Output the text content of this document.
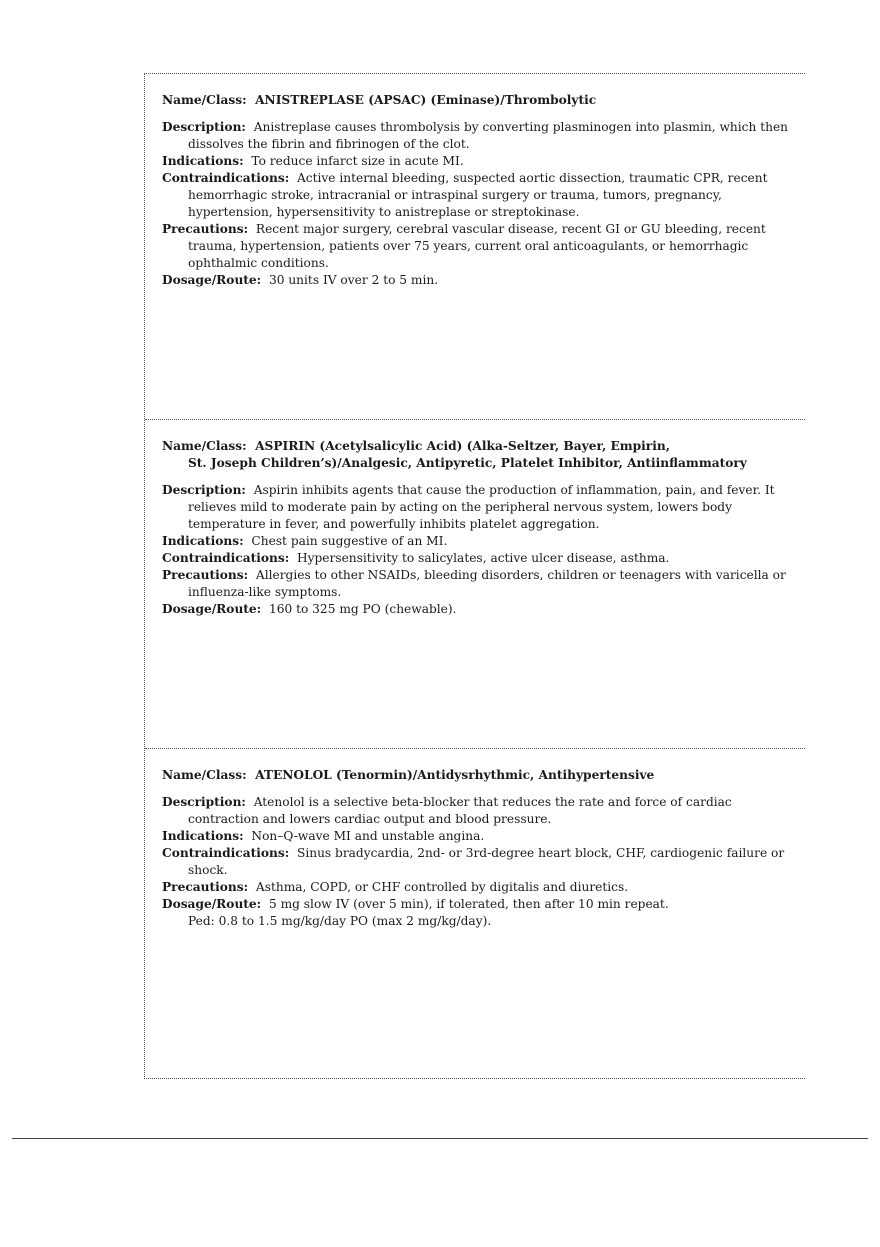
Name/Class: ANISTREPLASE (APSAC) (Eminase)/Thrombolytic
Description: Anistreplase causes thrombolysis by converting plasminogen into plasmin, which then dissolves the fibrin and fibrinogen of the clot.
Indications: To reduce infarct size in acute MI.
Contraindications: Active internal bleeding, suspected aortic dissection, traumatic CPR, recent hemorrhagic stroke, intracranial or intraspinal surgery or trauma, tumors, pregnancy, hypertension, hypersensitivity to anistreplase or streptokinase.
Precautions: Recent major surgery, cerebral vascular disease, recent GI or GU bleeding, recent trauma, hypertension, patients over 75 years, current oral anticoagulants, or hemorrhagic ophthalmic conditions.
Dosage/Route: 30 units IV over 2 to 5 min.
Name/Class: ASPIRIN (Acetylsalicylic Acid) (Alka-Seltzer, Bayer, Empirin,
St. Joseph Children’s)/Analgesic, Antipyretic, Platelet Inhibitor, Antiinflammatory
Description: Aspirin inhibits agents that cause the production of inflammation, pain, and fever. It relieves mild to moderate pain by acting on the peripheral nervous system, lowers body temperature in fever, and powerfully inhibits platelet aggregation.
Indications: Chest pain suggestive of an MI.
Contraindications: Hypersensitivity to salicylates, active ulcer disease, asthma.
Precautions: Allergies to other NSAIDs, bleeding disorders, children or teenagers with varicella or influenza-like symptoms.
Dosage/Route: 160 to 325 mg PO (chewable).
Name/Class: ATENOLOL (Tenormin)/Antidysrhythmic, Antihypertensive
Description: Atenolol is a selective beta-blocker that reduces the rate and force of cardiac contraction and lowers cardiac output and blood pressure.
Indications: Non–Q-wave MI and unstable angina.
Contraindications: Sinus bradycardia, 2nd- or 3rd-degree heart block, CHF, cardiogenic failure or shock.
Precautions: Asthma, COPD, or CHF controlled by digitalis and diuretics.
Dosage/Route: 5 mg slow IV (over 5 min), if tolerated, then after 10 min repeat.
Ped: 0.8 to 1.5 mg/kg/day PO (max 2 mg/kg/day).
